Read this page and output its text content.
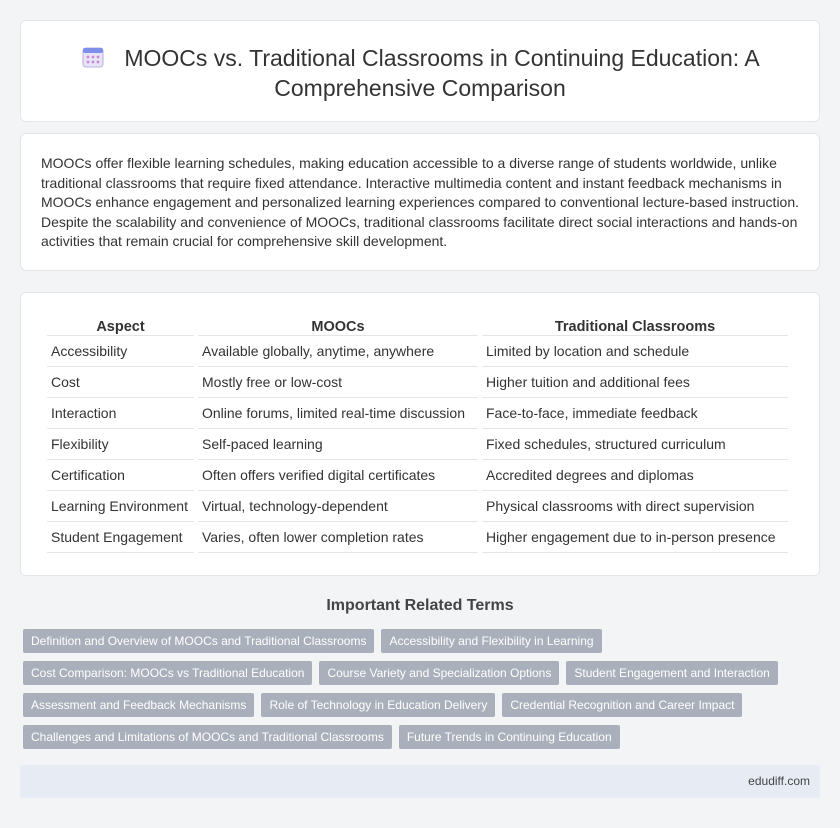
MOOCs vs. Traditional Classrooms in Continuing Education: A Comprehensive Comparison

MOOCs offer flexible learning schedules, making education accessible to a diverse range of students worldwide, unlike traditional classrooms that require fixed attendance. Interactive multimedia content and instant feedback mechanisms in MOOCs enhance engagement and personalized learning experiences compared to conventional lecture-based instruction. Despite the scalability and convenience of MOOCs, traditional classrooms facilitate direct social interactions and hands-on activities that remain crucial for comprehensive skill development.

Aspect	MOOCs	Traditional Classrooms
Accessibility	Available globally, anytime, anywhere	Limited by location and schedule
Cost	Mostly free or low-cost	Higher tuition and additional fees
Interaction	Online forums, limited real-time discussion	Face-to-face, immediate feedback
Flexibility	Self-paced learning	Fixed schedules, structured curriculum
Certification	Often offers verified digital certificates	Accredited degrees and diplomas
Learning Environment	Virtual, technology-dependent	Physical classrooms with direct supervision
Student Engagement	Varies, often lower completion rates	Higher engagement due to in-person presence
Important Related Terms
Definition and Overview of MOOCs and Traditional Classrooms	Accessibility and Flexibility in Learning
Cost Comparison: MOOCs vs Traditional Education	Course Variety and Specialization Options	Student Engagement and Interaction
Assessment and Feedback Mechanisms	Role of Technology in Education Delivery	Credential Recognition and Career Impact
Challenges and Limitations of MOOCs and Traditional Classrooms	Future Trends in Continuing Education
edudiff.com
